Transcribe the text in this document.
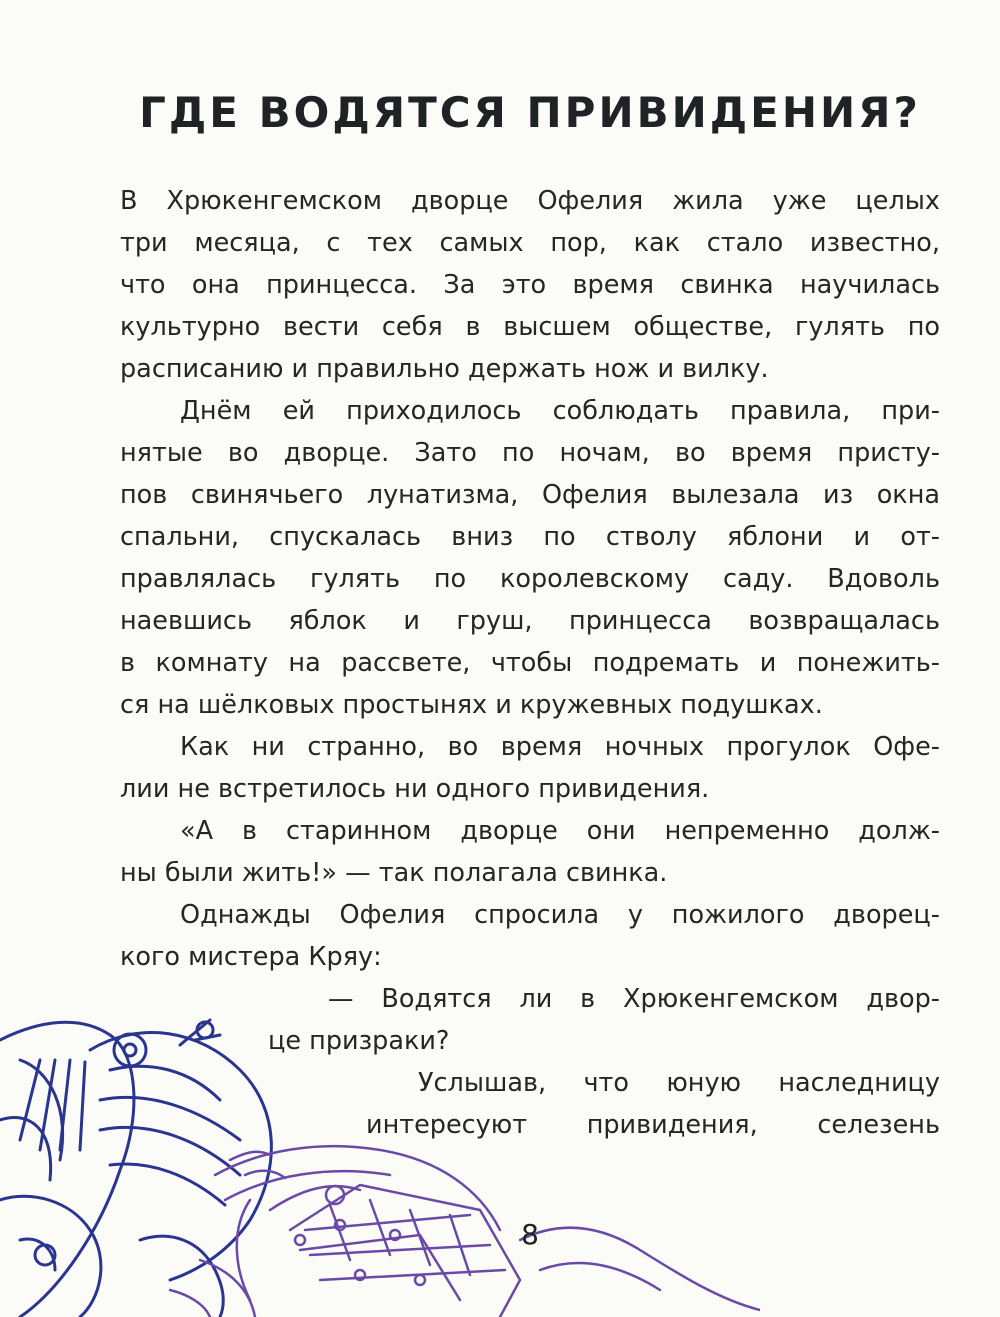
ГДЕ ВОДЯТСЯ ПРИВИДЕНИЯ?
В Хрюкенгемском дворце Офелия жила уже целых
три месяца, с тех самых пор, как стало известно,
что она принцесса. За это время свинка научилась
культурно вести себя в высшем обществе, гулять по
расписанию и правильно держать нож и вилку.
Днём ей приходилось соблюдать правила, при-
нятые во дворце. Зато по ночам, во время присту-
пов свинячьего лунатизма, Офелия вылезала из окна
спальни, спускалась вниз по стволу яблони и от-
правлялась гулять по королевскому саду. Вдоволь
наевшись яблок и груш, принцесса возвращалась
в комнату на рассвете, чтобы подремать и понежить-
ся на шёлковых простынях и кружевных подушках.
Как ни странно, во время ночных прогулок Офе-
лии не встретилось ни одного привидения.
«А в старинном дворце они непременно долж-
ны были жить!» — так полагала свинка.
Однажды Офелия спросила у пожилого дворец-
кого мистера Кряу:
— Водятся ли в Хрюкенгемском двор-
це призраки?
Услышав, что юную наследницу
интересуют привидения, селезень
8
